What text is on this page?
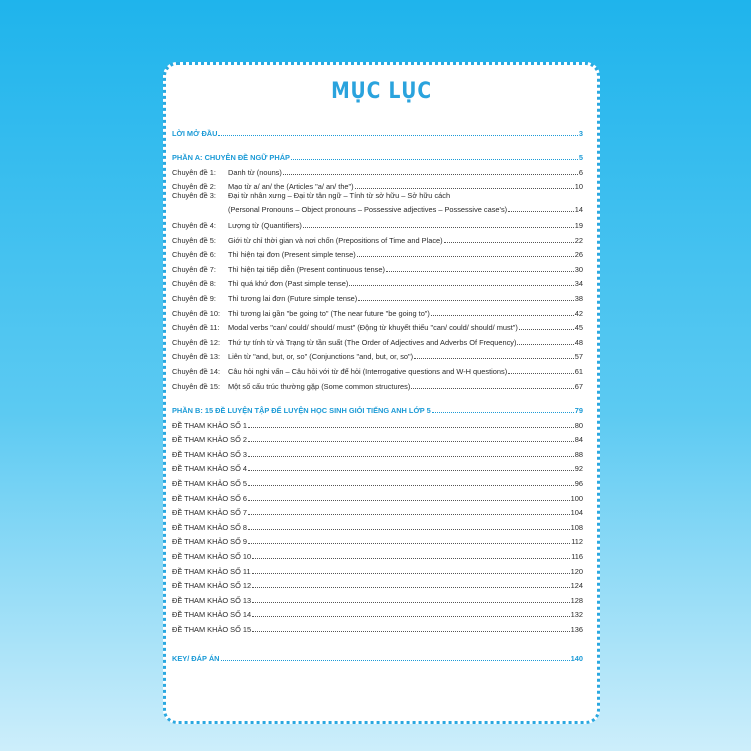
MỤC LỤC
LỜI MỞ ĐẦU	3
PHẦN A: CHUYÊN ĐỀ NGỮ PHÁP	5
Chuyên đề 1:	Danh từ (nouns)	6
Chuyên đề 2:	Mạo từ a/ an/ the (Articles "a/ an/ the")	10
Chuyên đề 3:	Đại từ nhân xưng – Đại từ tân ngữ – Tính từ sở hữu – Sở hữu cách
(Personal Pronouns – Object pronouns – Possessive adjectives – Possessive case's)	14
Chuyên đề 4:	Lượng từ (Quantifiers)	19
Chuyên đề 5:	Giới từ chỉ thời gian và nơi chốn (Prepositions of Time and Place)	22
Chuyên đề 6:	Thì hiện tại đơn (Present simple tense)	26
Chuyên đề 7:	Thì hiện tại tiếp diễn (Present continuous tense)	30
Chuyên đề 8:	Thì quá khứ đơn (Past simple tense)	34
Chuyên đề 9:	Thì tương lai đơn (Future simple tense)	38
Chuyên đề 10:	Thì tương lai gần "be going to" (The near future "be going to")	42
Chuyên đề 11:	Modal verbs "can/ could/ should/ must" (Động từ khuyết thiếu "can/ could/ should/ must")	45
Chuyên đề 12:	Thứ tự tính từ và Trạng từ tần suất (The Order of Adjectives and Adverbs Of Frequency)	48
Chuyên đề 13:	Liên từ "and, but, or, so" (Conjunctions "and, but, or, so")	57
Chuyên đề 14:	Câu hỏi nghi vấn – Câu hỏi với từ để hỏi (Interrogative questions and W-H questions)	61
Chuyên đề 15:	Một số cấu trúc thường gặp (Some common structures)	67
PHẦN B: 15 ĐỀ LUYỆN TẬP ĐỂ LUYỆN HỌC SINH GIỎI TIẾNG ANH LỚP 5	79
ĐỀ THAM KHẢO SỐ 1	80
ĐỀ THAM KHẢO SỐ 2	84
ĐỀ THAM KHẢO SỐ 3	88
ĐỀ THAM KHẢO SỐ 4	92
ĐỀ THAM KHẢO SỐ 5	96
ĐỀ THAM KHẢO SỐ 6	100
ĐỀ THAM KHẢO SỐ 7	104
ĐỀ THAM KHẢO SỐ 8	108
ĐỀ THAM KHẢO SỐ 9	112
ĐỀ THAM KHẢO SỐ 10	116
ĐỀ THAM KHẢO SỐ 11	120
ĐỀ THAM KHẢO SỐ 12	124
ĐỀ THAM KHẢO SỐ 13	128
ĐỀ THAM KHẢO SỐ 14	132
ĐỀ THAM KHẢO SỐ 15	136
KEY/ ĐÁP ÁN	140
